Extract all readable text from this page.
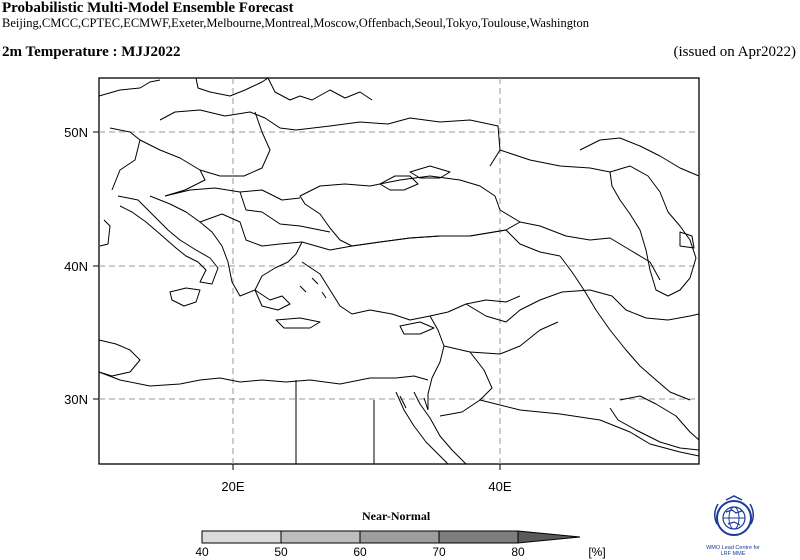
Probabilistic Multi-Model Ensemble Forecast
Beijing,CMCC,CPTEC,ECMWF,Exeter,Melbourne,Montreal,Moscow,Offenbach,Seoul,Tokyo,Toulouse,Washington
2m Temperature : MJJ2022	(issued on Apr2022)
50N
40N
30N
20E	40E
Near-Normal
40	50	60	70	80	[%]	WMO Lead Centre for
LRF MME
